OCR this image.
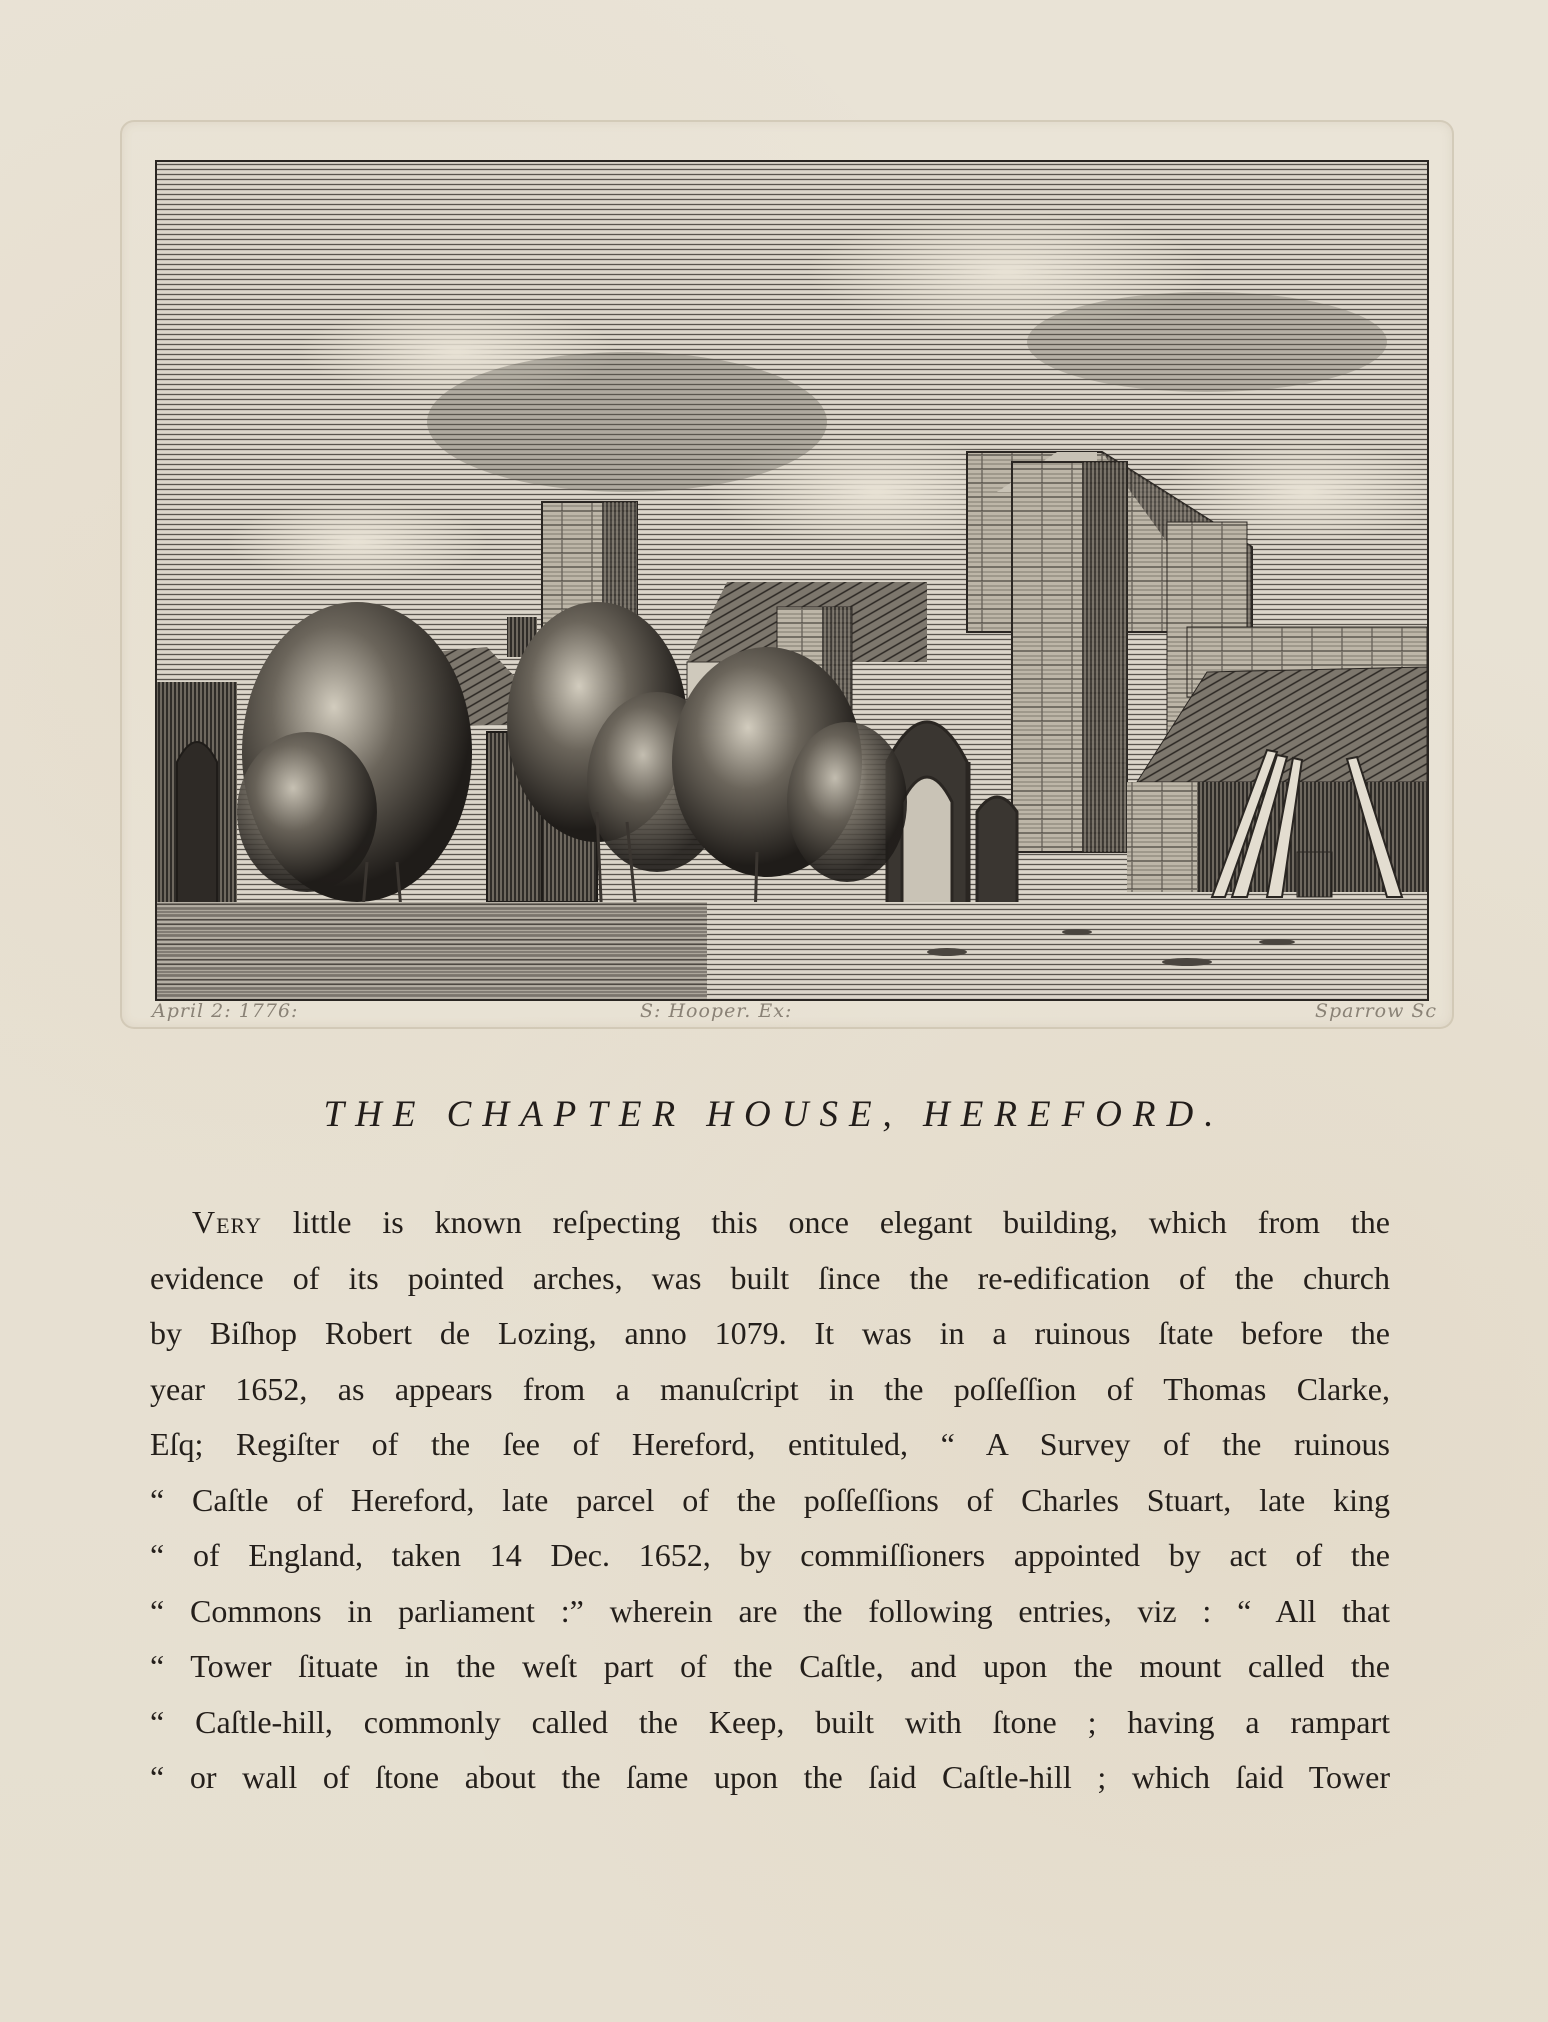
April 2: 1776:	S: Hooper. Ex:	Sparrow Sc
THE CHAPTER HOUSE, HEREFORD.
Very little is known reſpecting this once elegant building, which from the
evidence of its pointed arches, was built ſince the re-edification of the church
by Biſhop Robert de Lozing, anno 1079. It was in a ruinous ſtate before the
year 1652, as appears from a manuſcript in the poſſeſſion of Thomas Clarke,
Eſq; Regiſter of the ſee of Hereford, entituled, “ A Survey of the ruinous
“ Caſtle of Hereford, late parcel of the poſſeſſions of Charles Stuart, late king
“ of England, taken 14 Dec. 1652, by commiſſioners appointed by act of the
“ Commons in parliament :” wherein are the following entries, viz : “ All that
“ Tower ſituate in the weſt part of the Caſtle, and upon the mount called the
“ Caſtle-hill, commonly called the Keep, built with ſtone ; having a rampart
“ or wall of ſtone about the ſame upon the ſaid Caſtle-hill ; which ſaid Tower
